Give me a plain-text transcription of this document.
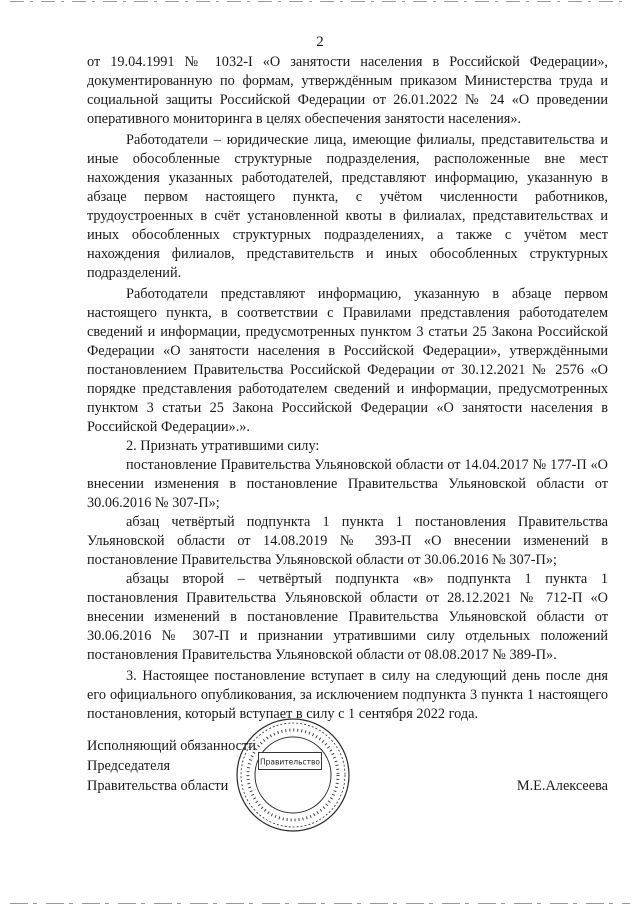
2

от 19.04.1991 № 1032-I «О занятости населения в Российской Федерации», документированную по формам, утверждённым приказом Министерства труда и социальной защиты Российской Федерации от 26.01.2022 № 24 «О проведении оперативного мониторинга в целях обеспечения занятости населения».

Работодатели – юридические лица, имеющие филиалы, представительства и иные обособленные структурные подразделения, расположенные вне мест нахождения указанных работодателей, представляют информацию, указанную в абзаце первом настоящего пункта, с учётом численности работников, трудоустроенных в счёт установленной квоты в филиалах, представительствах и иных обособленных структурных подразделениях, а также с учётом мест нахождения филиалов, представительств и иных обособленных структурных подразделений.

Работодатели представляют информацию, указанную в абзаце первом настоящего пункта, в соответствии с Правилами представления работодателем сведений и информации, предусмотренных пунктом 3 статьи 25 Закона Российской Федерации «О занятости населения в Российской Федерации», утверждёнными постановлением Правительства Российской Федерации от 30.12.2021 № 2576 «О порядке представления работодателем сведений и информации, предусмотренных пунктом 3 статьи 25 Закона Российской Федерации «О занятости населения в Российской Федерации».».

2. Признать утратившими силу:

постановление Правительства Ульяновской области от 14.04.2017 № 177-П «О внесении изменения в постановление Правительства Ульяновской области от 30.06.2016 № 307-П»;

абзац четвёртый подпункта 1 пункта 1 постановления Правительства Ульяновской области от 14.08.2019 № 393-П «О внесении изменений в постановление Правительства Ульяновской области от 30.06.2016 № 307-П»;

абзацы второй – четвёртый подпункта «в» подпункта 1 пункта 1 постановления Правительства Ульяновской области от 28.12.2021 № 712-П «О внесении изменений в постановление Правительства Ульяновской области от 30.06.2016 № 307-П и признании утратившими силу отдельных положений постановления Правительства Ульяновской области от 08.08.2017 № 389-П».

3. Настоящее постановление вступает в силу на следующий день после дня его официального опубликования, за исключением подпункта 3 пункта 1 настоящего постановления, который вступает в силу с 1 сентября 2022 года.

Исполняющий обязанности
Председателя
Правительства области	М.Е.Алексеева
Правительство
